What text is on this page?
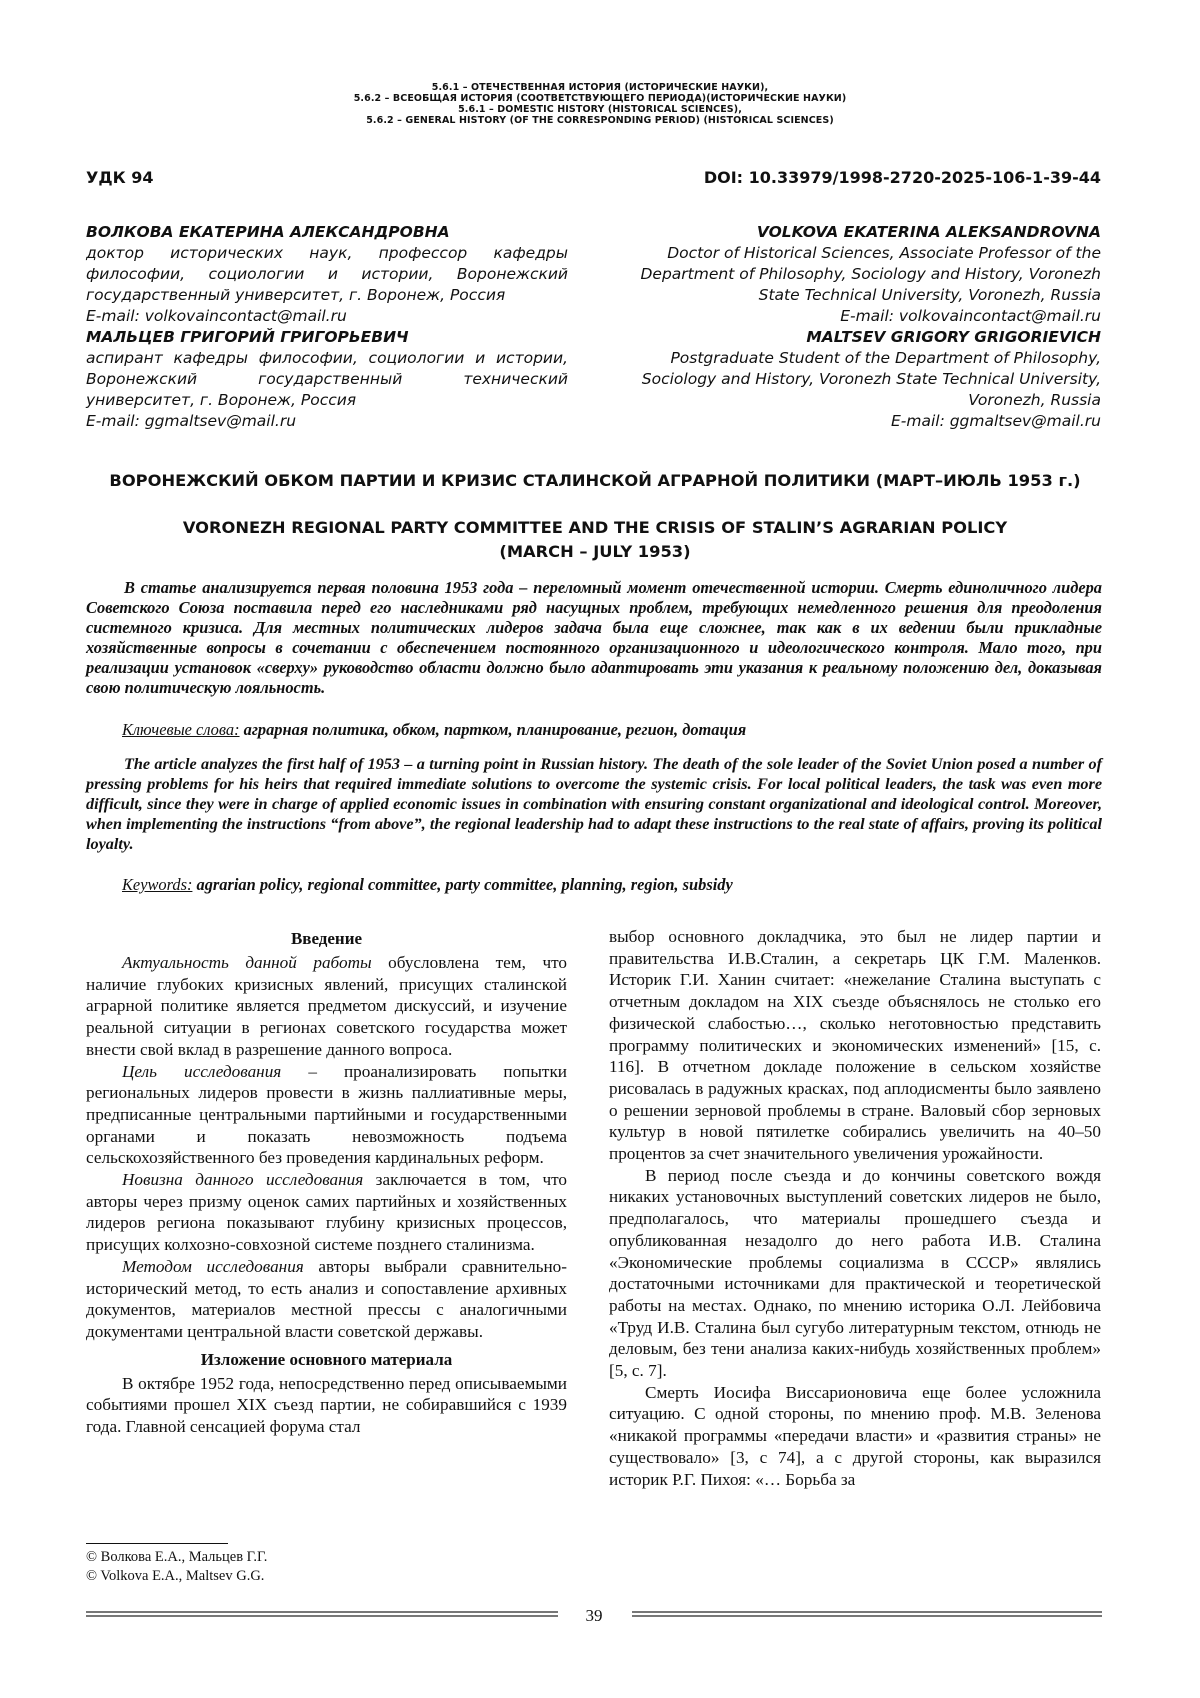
5.6.1 – ОТЕЧЕСТВЕННАЯ ИСТОРИЯ (ИСТОРИЧЕСКИЕ НАУКИ),
5.6.2 – ВСЕОБЩАЯ ИСТОРИЯ (СООТВЕТСТВУЮЩЕГО ПЕРИОДА)(ИСТОРИЧЕСКИЕ НАУКИ)
5.6.1 – DOMESTIC HISTORY (HISTORICAL SCIENCES),
5.6.2 – GENERAL HISTORY (OF THE CORRESPONDING PERIOD) (HISTORICAL SCIENCES)
УДК 94	DOI: 10.33979/1998-2720-2025-106-1-39-44

ВОЛКОВА ЕКАТЕРИНА АЛЕКСАНДРОВНА

доктор исторических наук, профессор кафедры философии, социологии и истории, Воронежский государственный университет, г. Воронеж, Россия

E-mail: volkovaincontact@mail.ru

МАЛЬЦЕВ ГРИГОРИЙ ГРИГОРЬЕВИЧ

аспирант кафедры философии, социологии и истории, Воронежский государственный технический университет, г. Воронеж, Россия

E-mail: ggmaltsev@mail.ru

VOLKOVA EKATERINA ALEKSANDROVNA

Doctor of Historical Sciences, Associate Professor of the Department of Philosophy, Sociology and History, Voronezh State Technical University, Voronezh, Russia

E-mail: volkovaincontact@mail.ru

MALTSEV GRIGORY GRIGORIEVICH

Postgraduate Student of the Department of Philosophy, Sociology and History, Voronezh State Technical University, Voronezh, Russia

E-mail: ggmaltsev@mail.ru

ВОРОНЕЖСКИЙ ОБКОМ ПАРТИИ И КРИЗИС СТАЛИНСКОЙ АГРАРНОЙ ПОЛИТИКИ (МАРТ–ИЮЛЬ 1953 г.)
VORONEZH REGIONAL PARTY COMMITTEE AND THE CRISIS OF STALIN’S AGRARIAN POLICY
(MARCH – JULY 1953)

В статье анализируется первая половина 1953 года – переломный момент отечественной истории. Смерть единоличного лидера Советского Союза поставила перед его наследниками ряд насущных проблем, требующих немедленного решения для преодоления системного кризиса. Для местных политических лидеров задача была еще сложнее, так как в их ведении были прикладные хозяйственные вопросы в сочетании с обеспечением постоянного организационного и идеологического контроля. Мало того, при реализации установок «сверху» руководство области должно было адаптировать эти указания к реальному положению дел, доказывая свою политическую лояльность.

Ключевые слова: аграрная политика, обком, партком, планирование, регион, дотация

The article analyzes the first half of 1953 – a turning point in Russian history. The death of the sole leader of the Soviet Union posed a number of pressing problems for his heirs that required immediate solutions to overcome the systemic crisis. For local political leaders, the task was even more difficult, since they were in charge of applied economic issues in combination with ensuring constant organizational and ideological control. Moreover, when implementing the instructions “from above”, the regional leadership had to adapt these instructions to the real state of affairs, proving its political loyalty.

Keywords: agrarian policy, regional committee, party committee, planning, region, subsidy

Введение

Актуальность данной работы обусловлена тем, что наличие глубоких кризисных явлений, присущих сталинской аграрной политике является предметом дискуссий, и изучение реальной ситуации в регионах советского государства может внести свой вклад в разрешение данного вопроса.

Цель исследования – проанализировать попытки региональных лидеров провести в жизнь паллиативные меры, предписанные центральными партийными и государственными органами и показать невозможность подъема сельскохозяйственного без проведения кардинальных реформ.

Новизна данного исследования заключается в том, что авторы через призму оценок самих партийных и хозяйственных лидеров региона показывают глубину кризисных процессов, присущих колхозно-совхозной системе позднего сталинизма.

Методом исследования авторы выбрали сравнительно-исторический метод, то есть анализ и сопоставление архивных документов, материалов местной прессы с аналогичными документами центральной власти советской державы.

Изложение основного материала

В октябре 1952 года, непосредственно перед описываемыми событиями прошел XIX съезд партии, не собиравшийся с 1939 года. Главной сенсацией форума стал

выбор основного докладчика, это был не лидер партии и правительства И.В.Сталин, а секретарь ЦК Г.М. Маленков. Историк Г.И. Ханин считает: «нежелание Сталина выступать с отчетным докладом на XIX съезде объяснялось не столько его физической слабостью…, сколько неготовностью представить программу политических и экономических изменений» [15, с. 116]. В отчетном докладе положение в сельском хозяйстве рисовалась в радужных красках, под аплодисменты было заявлено о решении зерновой проблемы в стране. Валовый сбор зерновых культур в новой пятилетке собирались увеличить на 40–50 процентов за счет значительного увеличения урожайности.

В период после съезда и до кончины советского вождя никаких установочных выступлений советских лидеров не было, предполагалось, что материалы прошедшего съезда и опубликованная незадолго до него работа И.В. Сталина «Экономические проблемы социализма в СССР» являлись достаточными источниками для практической и теоретической работы на местах. Однако, по мнению историка О.Л. Лейбовича «Труд И.В. Сталина был сугубо литературным текстом, отнюдь не деловым, без тени анализа каких-нибудь хозяйственных проблем» [5, с. 7].

Смерть Иосифа Виссарионовича еще более усложнила ситуацию. С одной стороны, по мнению проф. М.В. Зеленова «никакой программы «передачи власти» и «развития страны» не существовало» [3, с 74], а с другой стороны, как выразился историк Р.Г. Пихоя: «… Борьба за

© Волкова Е.А., Мальцев Г.Г.
© Volkova E.A., Maltsev G.G.
39
